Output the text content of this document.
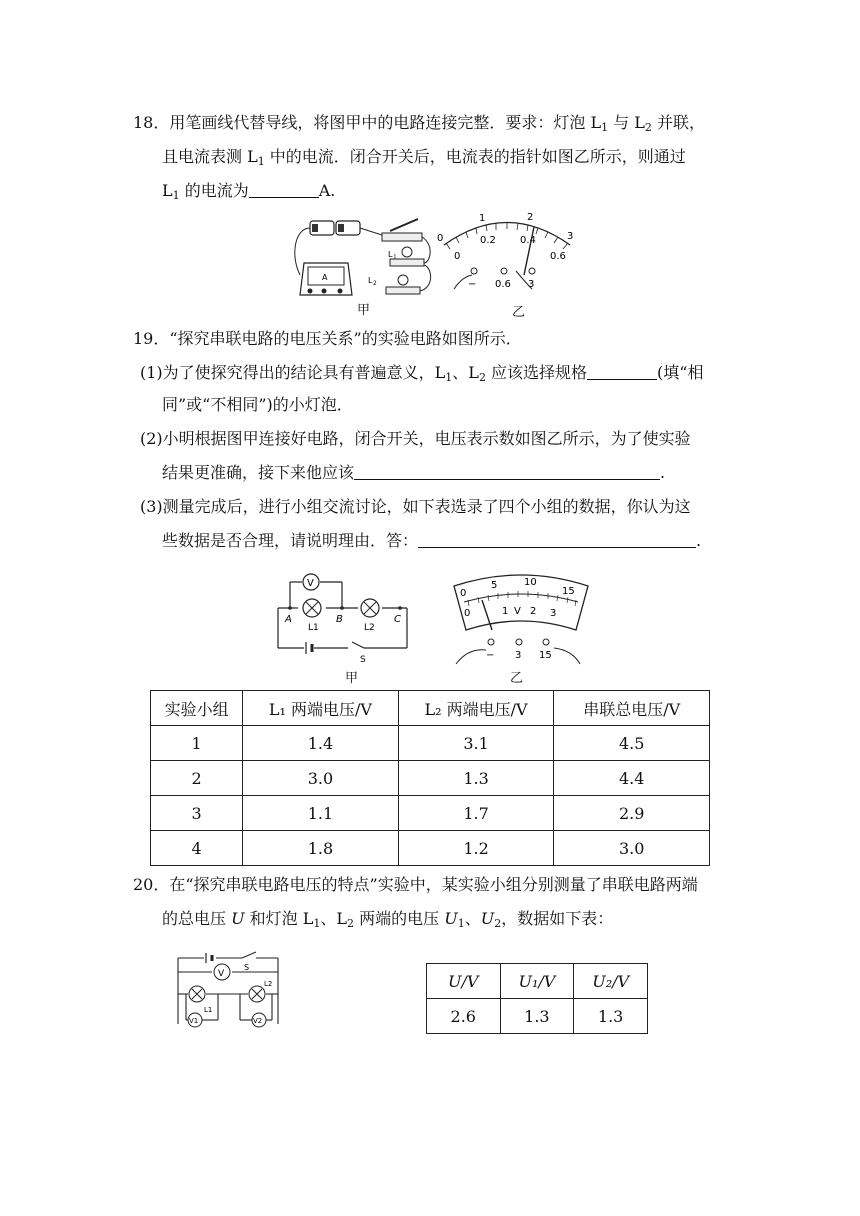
18．用笔画线代替导线，将图甲中的电路连接完整．要求：灯泡 $L_1$ 与 $L_2$ 并联，
且电流表测 $L_1$ 中的电流．闭合开关后，电流表的指针如图乙所示，则通过
$L_1$ 的电流为	A.
L 1
L 2
A
甲
0
1	2
3
0
0.2 0.4
0.6
− 0.6 3
乙
19．“探究串联电路的电压关系”的实验电路如图所示．
(1)为了使探究得出的结论具有普遍意义，$L_1$、$L_2$ 应该选择规格	(填“相
同”或“不相同”)的小灯泡．
(2)小明根据图甲连接好电路，闭合开关，电压表示数如图乙所示，为了使实验
结果更准确，接下来他应该	.
(3)测量完成后，进行小组交流讨论，如下表选录了四个小组的数据，你认为这
些数据是否合理，请说明理由．答：	.
V
A	B	C
L1	L2
S
甲
0
5	10
15
0	1 V 2 3
− 3 15
乙
实验小组	L₁ 两端电压/V	L₂ 两端电压/V	串联总电压/V
1	1.4	3.1	4.5
2	3.0	1.3	4.4
3	1.1	1.7	2.9
4	1.8	1.2	3.0
20．在“探究串联电路电压的特点”实验中，某实验小组分别测量了串联电路两端
的总电压 U 和灯泡 $L_1$、$L_2$ 两端的电压 $U_1$、$U_2$，数据如下表：
S
V
L1
L2
V1	V2
U/V	U₁/V	U₂/V
2.6	1.3	1.3
